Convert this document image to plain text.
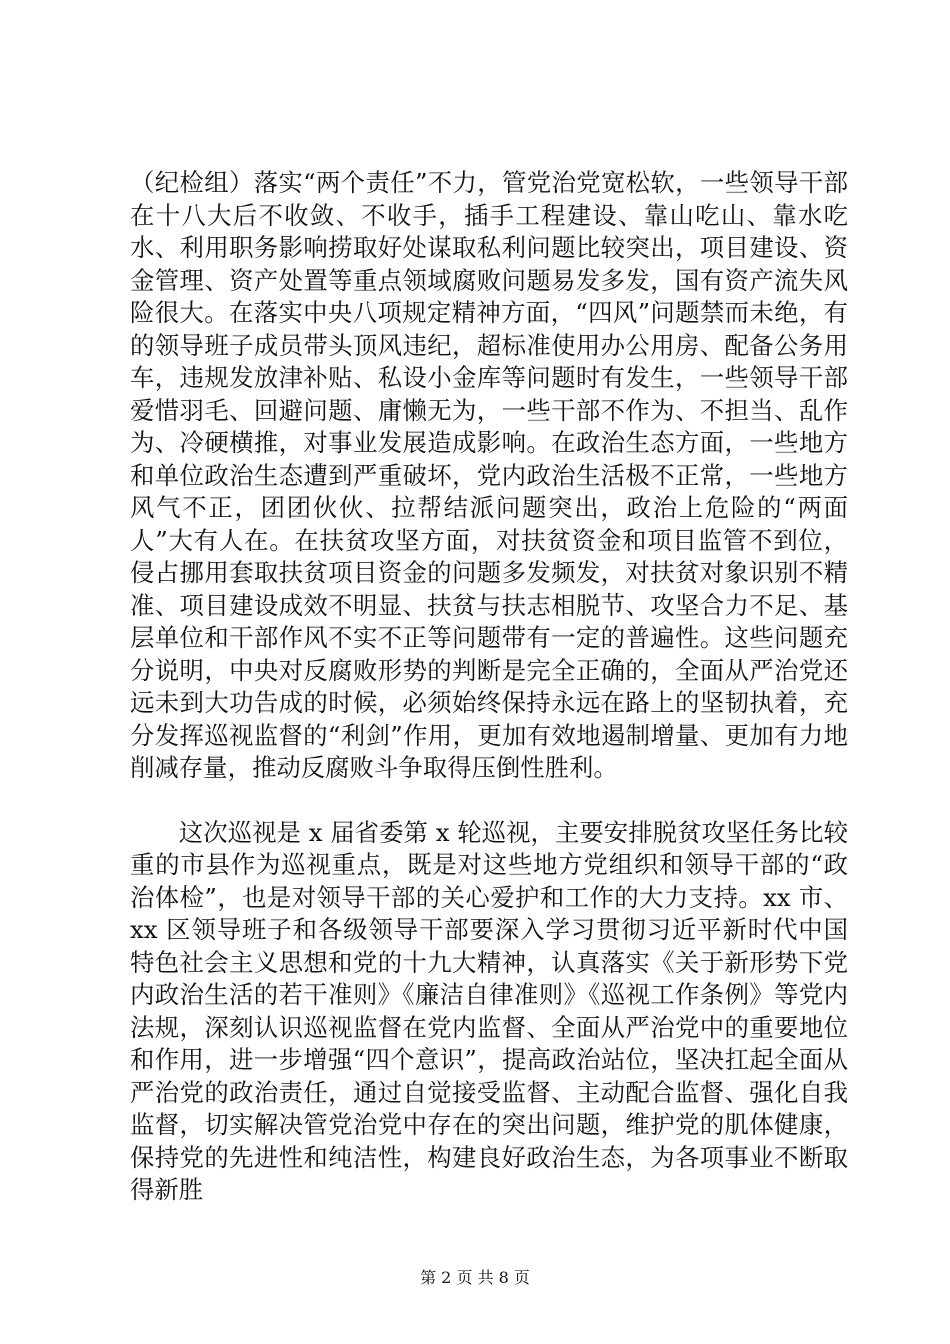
（纪检组）落实“两个责任”不力，管党治党宽松软，一些领导干部在十八大后不收敛、不收手，插手工程建设、靠山吃山、靠水吃水、利用职务影响捞取好处谋取私利问题比较突出，项目建设、资金管理、资产处置等重点领域腐败问题易发多发，国有资产流失风险很大。在落实中央八项规定精神方面，“四风”问题禁而未绝，有的领导班子成员带头顶风违纪，超标准使用办公用房、配备公务用车，违规发放津补贴、私设小金库等问题时有发生，一些领导干部爱惜羽毛、回避问题、庸懒无为，一些干部不作为、不担当、乱作为、冷硬横推，对事业发展造成影响。在政治生态方面，一些地方和单位政治生态遭到严重破坏，党内政治生活极不正常，一些地方风气不正，团团伙伙、拉帮结派问题突出，政治上危险的“两面人”大有人在。在扶贫攻坚方面，对扶贫资金和项目监管不到位，侵占挪用套取扶贫项目资金的问题多发频发，对扶贫对象识别不精准、项目建设成效不明显、扶贫与扶志相脱节、攻坚合力不足、基层单位和干部作风不实不正等问题带有一定的普遍性。这些问题充分说明，中央对反腐败形势的判断是完全正确的，全面从严治党还远未到大功告成的时候，必须始终保持永远在路上的坚韧执着，充分发挥巡视监督的“利剑”作用，更加有效地遏制增量、更加有力地削减存量，推动反腐败斗争取得压倒性胜利。

这次巡视是 x 届省委第 x 轮巡视，主要安排脱贫攻坚任务比较重的市县作为巡视重点，既是对这些地方党组织和领导干部的“政治体检”，也是对领导干部的关心爱护和工作的大力支持。xx 市、xx 区领导班子和各级领导干部要深入学习贯彻习近平新时代中国特色社会主义思想和党的十九大精神，认真落实《关于新形势下党内政治生活的若干准则》《廉洁自律准则》《巡视工作条例》等党内法规，深刻认识巡视监督在党内监督、全面从严治党中的重要地位和作用，进一步增强“四个意识”，提高政治站位，坚决扛起全面从严治党的政治责任，通过自觉接受监督、主动配合监督、强化自我监督，切实解决管党治党中存在的突出问题，维护党的肌体健康，保持党的先进性和纯洁性，构建良好政治生态，为各项事业不断取得新胜

第 2 页 共 8 页
